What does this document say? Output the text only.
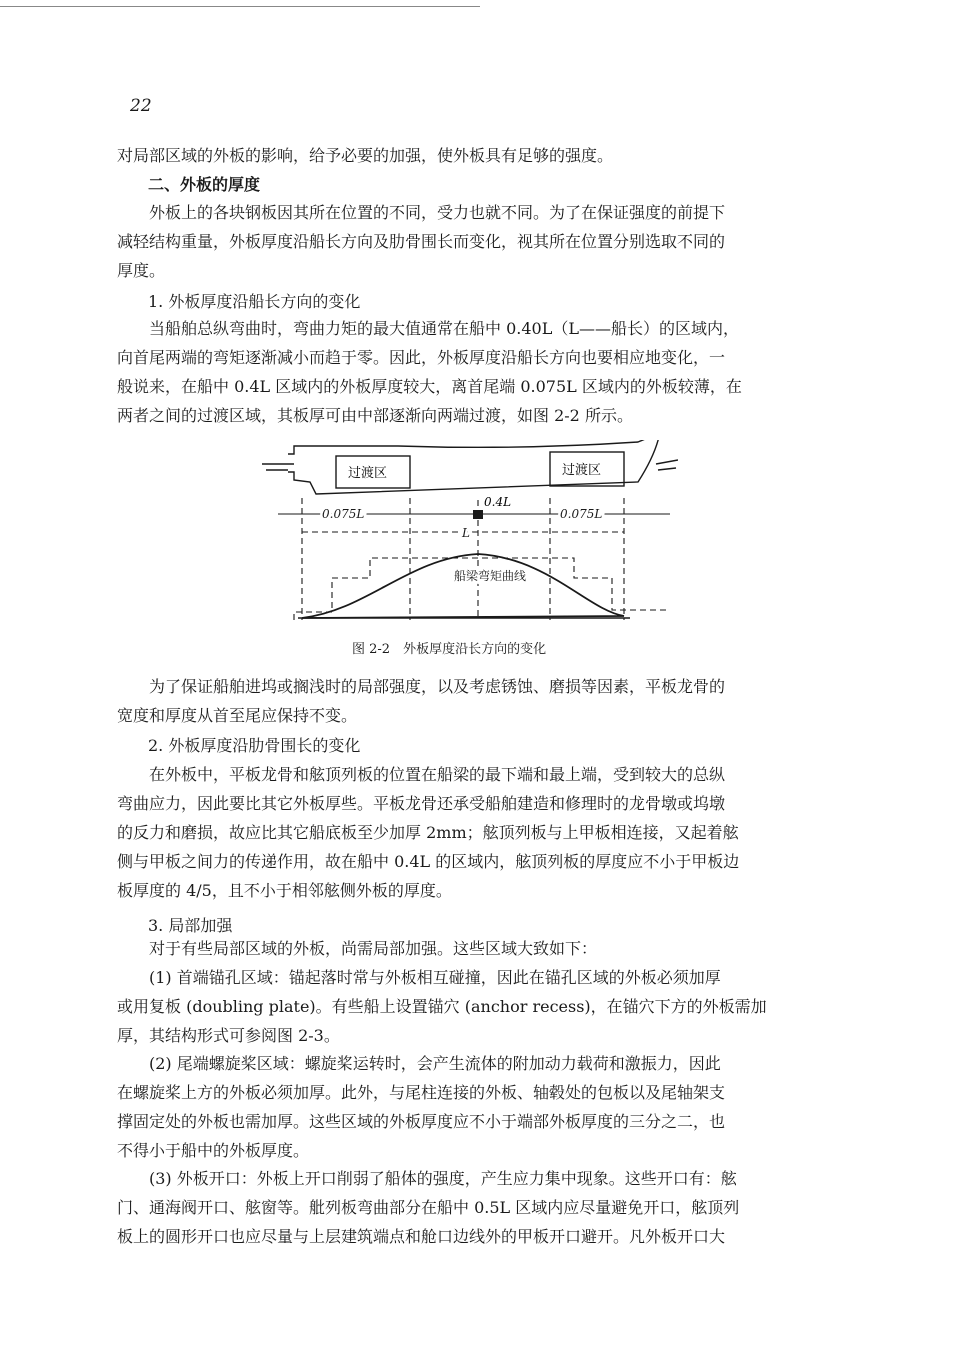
22

对局部区域的外板的影响，给予必要的加强，使外板具有足够的强度。

二、外板的厚度

外板上的各块钢板因其所在位置的不同，受力也就不同。为了在保证强度的前提下
减轻结构重量，外板厚度沿船长方向及肋骨围长而变化，视其所在位置分别选取不同的
厚度。

1. 外板厚度沿船长方向的变化

当船舶总纵弯曲时，弯曲力矩的最大值通常在船中 0.40L（L——船长）的区域内，
向首尾两端的弯矩逐渐减小而趋于零。因此，外板厚度沿船长方向也要相应地变化，一
般说来，在船中 0.4L 区域内的外板厚度较大，离首尾端 0.075L 区域内的外板较薄，在
两者之间的过渡区域，其板厚可由中部逐渐向两端过渡，如图 2-2 所示。

过渡区	过渡区
0.075L
0.4L
0.075L
L
船梁弯矩曲线
图 2-2　外板厚度沿长方向的变化

为了保证船舶进坞或搁浅时的局部强度，以及考虑锈蚀、磨损等因素，平板龙骨的
宽度和厚度从首至尾应保持不变。

2. 外板厚度沿肋骨围长的变化

在外板中，平板龙骨和舷顶列板的位置在船梁的最下端和最上端，受到较大的总纵
弯曲应力，因此要比其它外板厚些。平板龙骨还承受船舶建造和修理时的龙骨墩或坞墩
的反力和磨损，故应比其它船底板至少加厚 2mm；舷顶列板与上甲板相连接，又起着舷
侧与甲板之间力的传递作用，故在船中 0.4L 的区域内，舷顶列板的厚度应不小于甲板边
板厚度的 4/5，且不小于相邻舷侧外板的厚度。

3. 局部加强

对于有些局部区域的外板，尚需局部加强。这些区域大致如下：

(1) 首端锚孔区域：锚起落时常与外板相互碰撞，因此在锚孔区域的外板必须加厚
或用复板 (doubling plate)。有些船上设置锚穴 (anchor recess)，在锚穴下方的外板需加
厚，其结构形式可参阅图 2-3。

(2) 尾端螺旋桨区域：螺旋桨运转时，会产生流体的附加动力载荷和激振力，因此
在螺旋桨上方的外板必须加厚。此外，与尾柱连接的外板、轴毂处的包板以及尾轴架支
撑固定处的外板也需加厚。这些区域的外板厚度应不小于端部外板厚度的三分之二，也
不得小于船中的外板厚度。

(3) 外板开口：外板上开口削弱了船体的强度，产生应力集中现象。这些开口有：舷
门、通海阀开口、舷窗等。舭列板弯曲部分在船中 0.5L 区域内应尽量避免开口，舷顶列
板上的圆形开口也应尽量与上层建筑端点和舱口边线外的甲板开口避开。凡外板开口大
